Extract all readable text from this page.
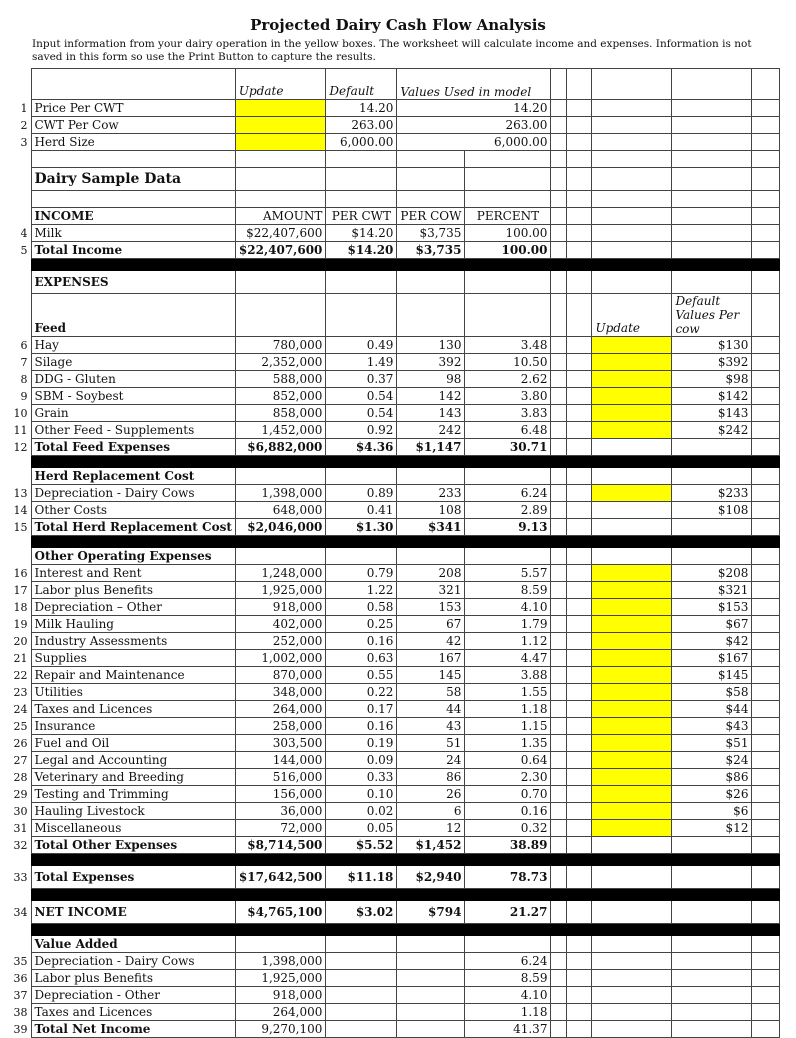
Projected Dairy Cash Flow Analysis
Input information from your dairy operation in the yellow boxes. The worksheet will calculate income and expenses. Information is not saved in this form so use the Print Button to capture the results.
		Update	Default	Values Used in model						
1	Price Per CWT		14.20	14.20						
2	CWT Per Cow		263.00	263.00						
3	Herd Size		6,000.00	6,000.00						

	Dairy Sample Data									

	INCOME	AMOUNT	PER CWT	PER COW	PERCENT					
4	Milk	$22,407,600	$14.20	$3,735	100.00					
5	Total Income	$22,407,600	$14.20	$3,735	100.00					

	EXPENSES									
	Feed							Update	Default Values Per cow	
6	Hay	780,000	0.49	130	3.48				$130	
7	Silage	2,352,000	1.49	392	10.50				$392	
8	DDG - Gluten	588,000	0.37	98	2.62				$98	
9	SBM - Soybest	852,000	0.54	142	3.80				$142	
10	Grain	858,000	0.54	143	3.83				$143	
11	Other Feed - Supplements	1,452,000	0.92	242	6.48				$242	
12	Total Feed Expenses	$6,882,000	$4.36	$1,147	30.71					

	Herd Replacement Cost									
13	Depreciation - Dairy Cows	1,398,000	0.89	233	6.24				$233	
14	Other Costs	648,000	0.41	108	2.89				$108	
15	Total Herd Replacement Cost	$2,046,000	$1.30	$341	9.13					

	Other Operating Expenses									
16	Interest and Rent	1,248,000	0.79	208	5.57				$208	
17	Labor plus Benefits	1,925,000	1.22	321	8.59				$321	
18	Depreciation – Other	918,000	0.58	153	4.10				$153	
19	Milk Hauling	402,000	0.25	67	1.79				$67	
20	Industry Assessments	252,000	0.16	42	1.12				$42	
21	Supplies	1,002,000	0.63	167	4.47				$167	
22	Repair and Maintenance	870,000	0.55	145	3.88				$145	
23	Utilities	348,000	0.22	58	1.55				$58	
24	Taxes and Licences	264,000	0.17	44	1.18				$44	
25	Insurance	258,000	0.16	43	1.15				$43	
26	Fuel and Oil	303,500	0.19	51	1.35				$51	
27	Legal and Accounting	144,000	0.09	24	0.64				$24	
28	Veterinary and Breeding	516,000	0.33	86	2.30				$86	
29	Testing and Trimming	156,000	0.10	26	0.70				$26	
30	Hauling Livestock	36,000	0.02	6	0.16				$6	
31	Miscellaneous	72,000	0.05	12	0.32				$12	
32	Total Other Expenses	$8,714,500	$5.52	$1,452	38.89					

33	Total Expenses	$17,642,500	$11.18	$2,940	78.73					

34	NET INCOME	$4,765,100	$3.02	$794	21.27					

	Value Added									
35	Depreciation - Dairy Cows	1,398,000			6.24					
36	Labor plus Benefits	1,925,000			8.59					
37	Depreciation - Other	918,000			4.10					
38	Taxes and Licences	264,000			1.18					
39	Total Net Income	9,270,100			41.37					
